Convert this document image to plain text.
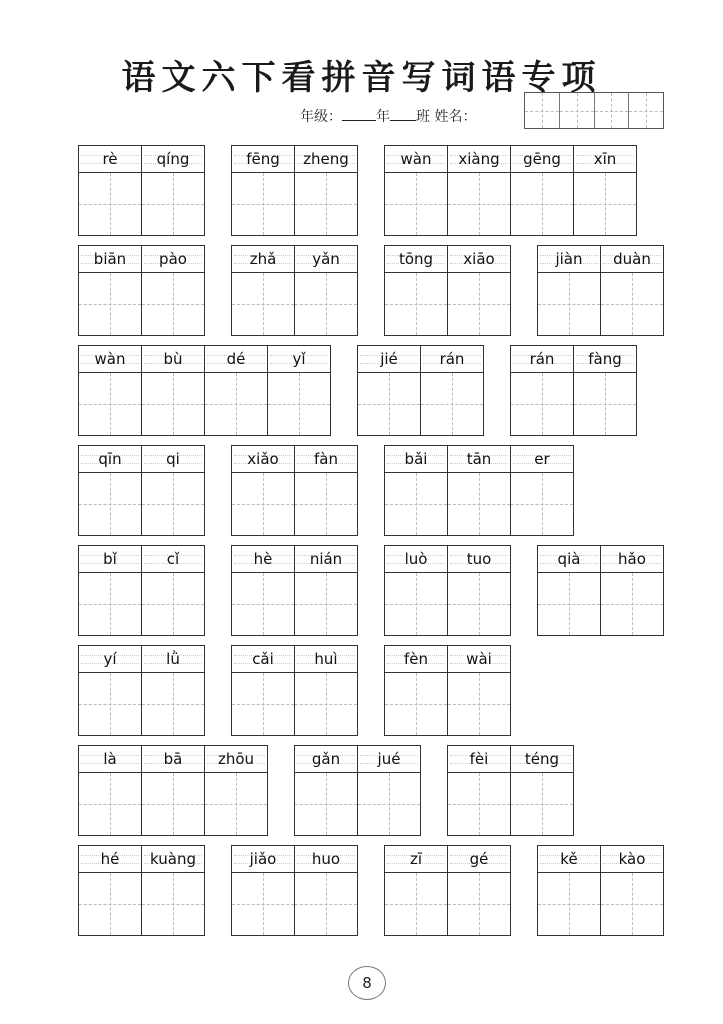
语文六下看拼音写词语专项
年级： 年 班 姓名：
rè	qíng	fēng	zheng	wàn	xiàng	gēng	xīn
biān	pào	zhǎ	yǎn	tōng	xiāo	jiàn	duàn
wàn	bù	dé	yǐ	jié	rán	rán	fàng
qīn	qi	xiǎo	fàn	bǎi	tān	er
bǐ	cǐ	hè	nián	luò	tuo	qià	hǎo
yí	lǜ	cǎi	huì	fèn	wài
là	bā	zhōu	gǎn	jué	fèi	téng
hé	kuàng	jiǎo	huo	zī	gé	kě	kào
8
